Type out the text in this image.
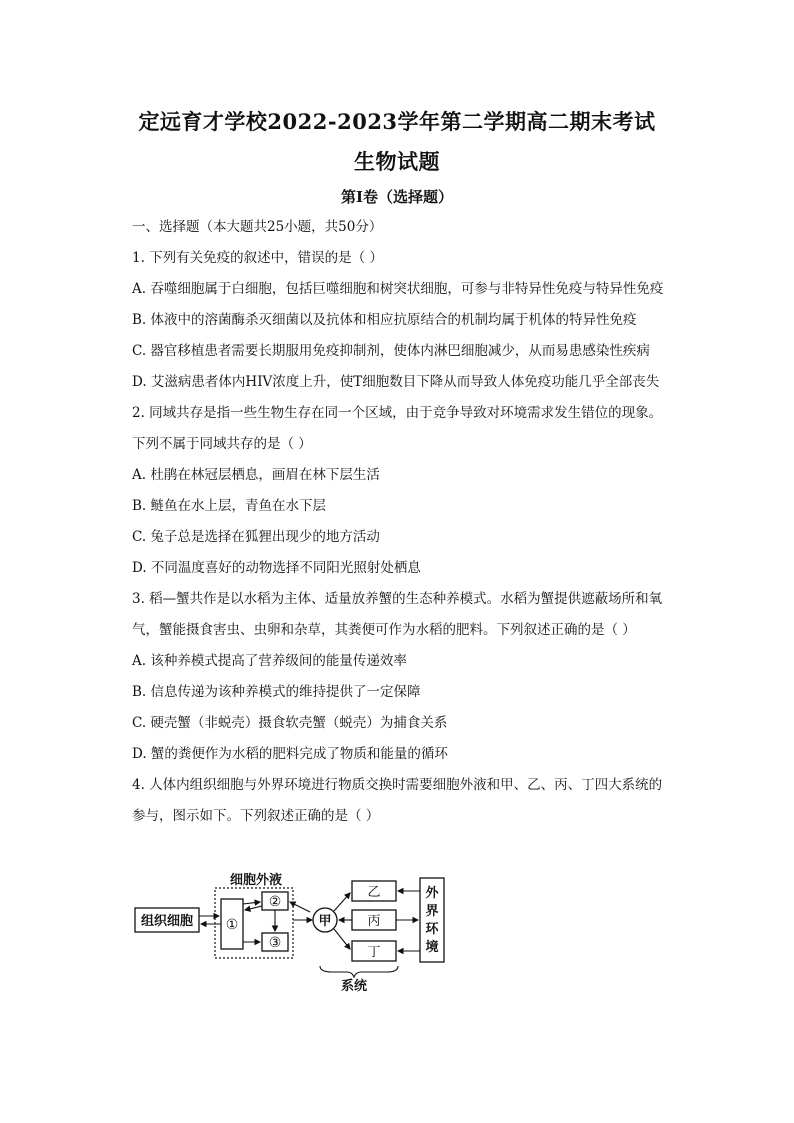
定远育才学校2022-2023学年第二学期高二期末考试
生物试题
第Ⅰ卷（选择题）
一、选择题（本大题共25小题，共50分）
1. 下列有关免疫的叙述中，错误的是（ ）
A. 吞噬细胞属于白细胞，包括巨噬细胞和树突状细胞，可参与非特异性免疫与特异性免疫
B. 体液中的溶菌酶杀灭细菌以及抗体和相应抗原结合的机制均属于机体的特异性免疫
C. 器官移植患者需要长期服用免疫抑制剂，使体内淋巴细胞减少，从而易患感染性疾病
D. 艾滋病患者体内HIV浓度上升，使T细胞数目下降从而导致人体免疫功能几乎全部丧失
2. 同域共存是指一些生物生存在同一个区域，由于竞争导致对环境需求发生错位的现象。
下列不属于同域共存的是（ ）
A. 杜鹃在林冠层栖息，画眉在林下层生活
B. 鲢鱼在水上层，青鱼在水下层
C. 兔子总是选择在狐狸出现少的地方活动
D. 不同温度喜好的动物选择不同阳光照射处栖息
3. 稻—蟹共作是以水稻为主体、适量放养蟹的生态种养模式。水稻为蟹提供遮蔽场所和氧
气，蟹能摄食害虫、虫卵和杂草，其粪便可作为水稻的肥料。下列叙述正确的是（ ）
A. 该种养模式提高了营养级间的能量传递效率
B. 信息传递为该种养模式的维持提供了一定保障
C. 硬壳蟹（非蜕壳）摄食软壳蟹（蜕壳）为捕食关系
D. 蟹的粪便作为水稻的肥料完成了物质和能量的循环
4. 人体内组织细胞与外界环境进行物质交换时需要细胞外液和甲、乙、丙、丁四大系统的
参与，图示如下。下列叙述正确的是（ ）
组织细胞
细胞外液
①
②
③
甲
乙
丙
丁
外
界
环
境
系统
